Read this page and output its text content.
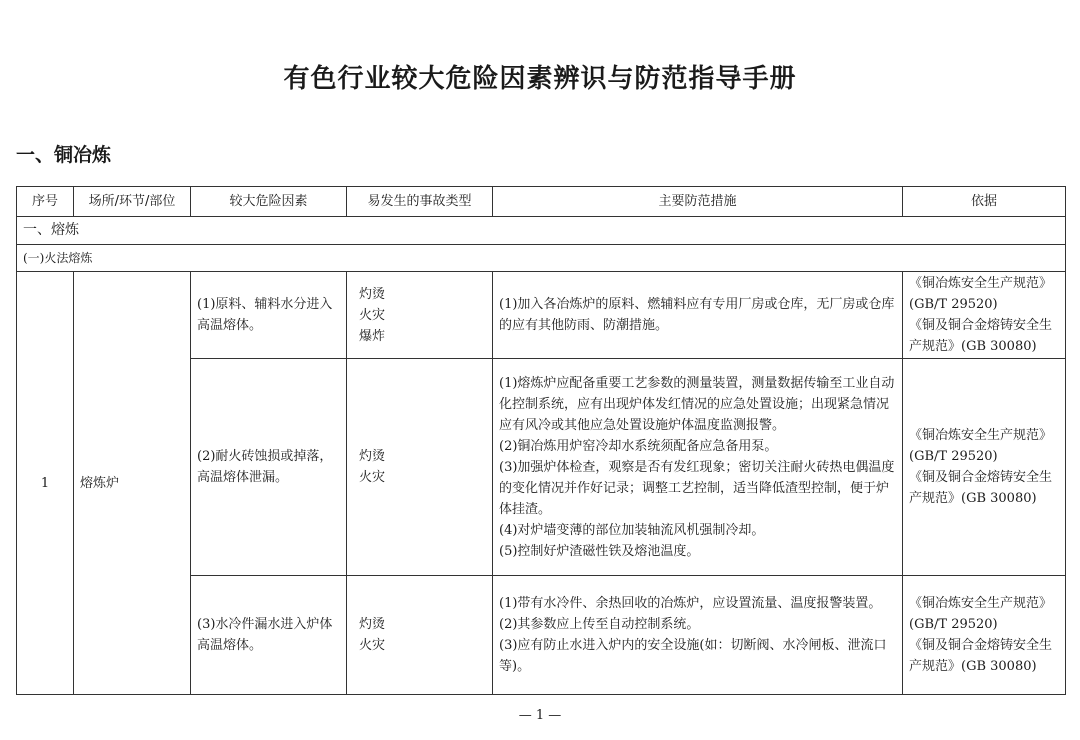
有色行业较大危险因素辨识与防范指导手册
一、铜冶炼
序号	场所/环节/部位	较大危险因素	易发生的事故类型	主要防范措施	依据
一、熔炼					
(一)火法熔炼					
1	熔炼炉	(1)原料、辅料水分进入高温熔体。	灼烫
火灾
爆炸	(1)加入各冶炼炉的原料、燃辅料应有专用厂房或仓库，无厂房或仓库的应有其他防雨、防潮措施。	《铜冶炼安全生产规范》(GB/T 29520)
《铜及铜合金熔铸安全生产规范》(GB 30080)

		(2)耐火砖蚀损或掉落，高温熔体泄漏。	灼烫
火灾	(1)熔炼炉应配备重要工艺参数的测量装置，测量数据传输至工业自动化控制系统，应有出现炉体发红情况的应急处置设施；出现紧急情况应有风冷或其他应急处置设施炉体温度监测报警。
(2)铜冶炼用炉窑冷却水系统须配备应急备用泵。
(3)加强炉体检查，观察是否有发红现象；密切关注耐火砖热电偶温度的变化情况并作好记录；调整工艺控制，适当降低渣型控制，便于炉体挂渣。
(4)对炉墙变薄的部位加装轴流风机强制冷却。
(5)控制好炉渣磁性铁及熔池温度。	《铜冶炼安全生产规范》(GB/T 29520)
《铜及铜合金熔铸安全生产规范》(GB 30080)

		(3)水冷件漏水进入炉体高温熔体。	灼烫
火灾	(1)带有水冷件、余热回收的冶炼炉，应设置流量、温度报警装置。
(2)其参数应上传至自动控制系统。
(3)应有防止水进入炉内的安全设施(如：切断阀、水冷闸板、泄流口等)。	《铜冶炼安全生产规范》(GB/T 29520)
《铜及铜合金熔铸安全生产规范》(GB 30080)

— 1 —
